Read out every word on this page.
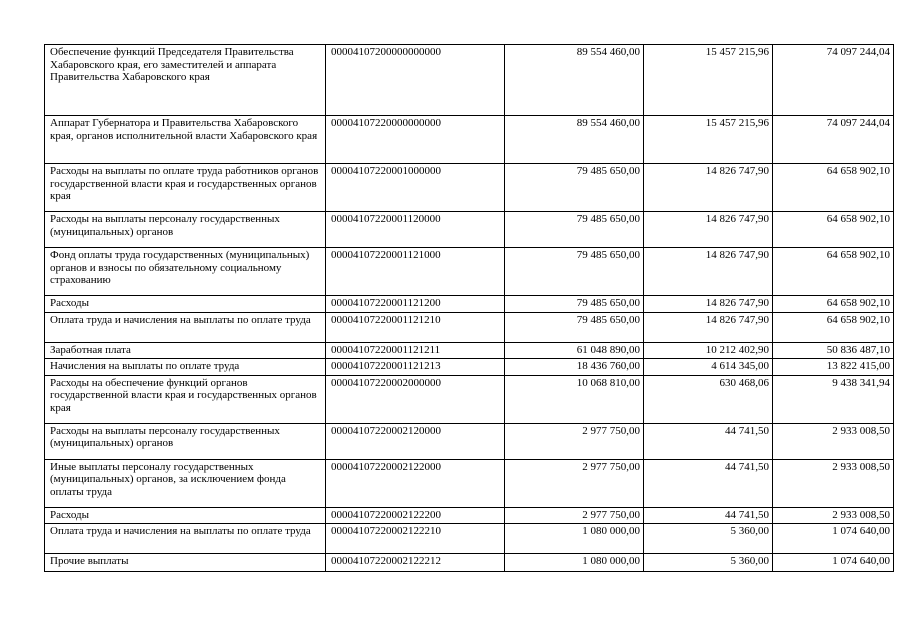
Обеспечение функций Председателя Правительства Хабаровского края, его заместителей и аппарата Правительства Хабаровского края	00004107200000000000	89 554 460,00	15 457 215,96	74 097 244,04
Аппарат Губернатора и Правительства Хабаровского края, органов исполнительной власти Хабаровского края	00004107220000000000	89 554 460,00	15 457 215,96	74 097 244,04
Расходы на выплаты по оплате труда работников органов государственной власти края и государственных органов края	00004107220001000000	79 485 650,00	14 826 747,90	64 658 902,10
Расходы на выплаты персоналу государственных (муниципальных) органов	00004107220001120000	79 485 650,00	14 826 747,90	64 658 902,10
Фонд оплаты труда государственных (муниципальных) органов и взносы по обязательному социальному страхованию	00004107220001121000	79 485 650,00	14 826 747,90	64 658 902,10
Расходы	00004107220001121200	79 485 650,00	14 826 747,90	64 658 902,10
Оплата труда и начисления на выплаты по оплате труда	00004107220001121210	79 485 650,00	14 826 747,90	64 658 902,10
Заработная плата	00004107220001121211	61 048 890,00	10 212 402,90	50 836 487,10
Начисления на выплаты по оплате труда	00004107220001121213	18 436 760,00	4 614 345,00	13 822 415,00
Расходы на обеспечение функций органов государственной власти края и государственных органов края	00004107220002000000	10 068 810,00	630 468,06	9 438 341,94
Расходы на выплаты персоналу государственных (муниципальных) органов	00004107220002120000	2 977 750,00	44 741,50	2 933 008,50
Иные выплаты персоналу государственных (муниципальных) органов, за исключением фонда оплаты труда	00004107220002122000	2 977 750,00	44 741,50	2 933 008,50
Расходы	00004107220002122200	2 977 750,00	44 741,50	2 933 008,50
Оплата труда и начисления на выплаты по оплате труда	00004107220002122210	1 080 000,00	5 360,00	1 074 640,00
Прочие выплаты	00004107220002122212	1 080 000,00	5 360,00	1 074 640,00
